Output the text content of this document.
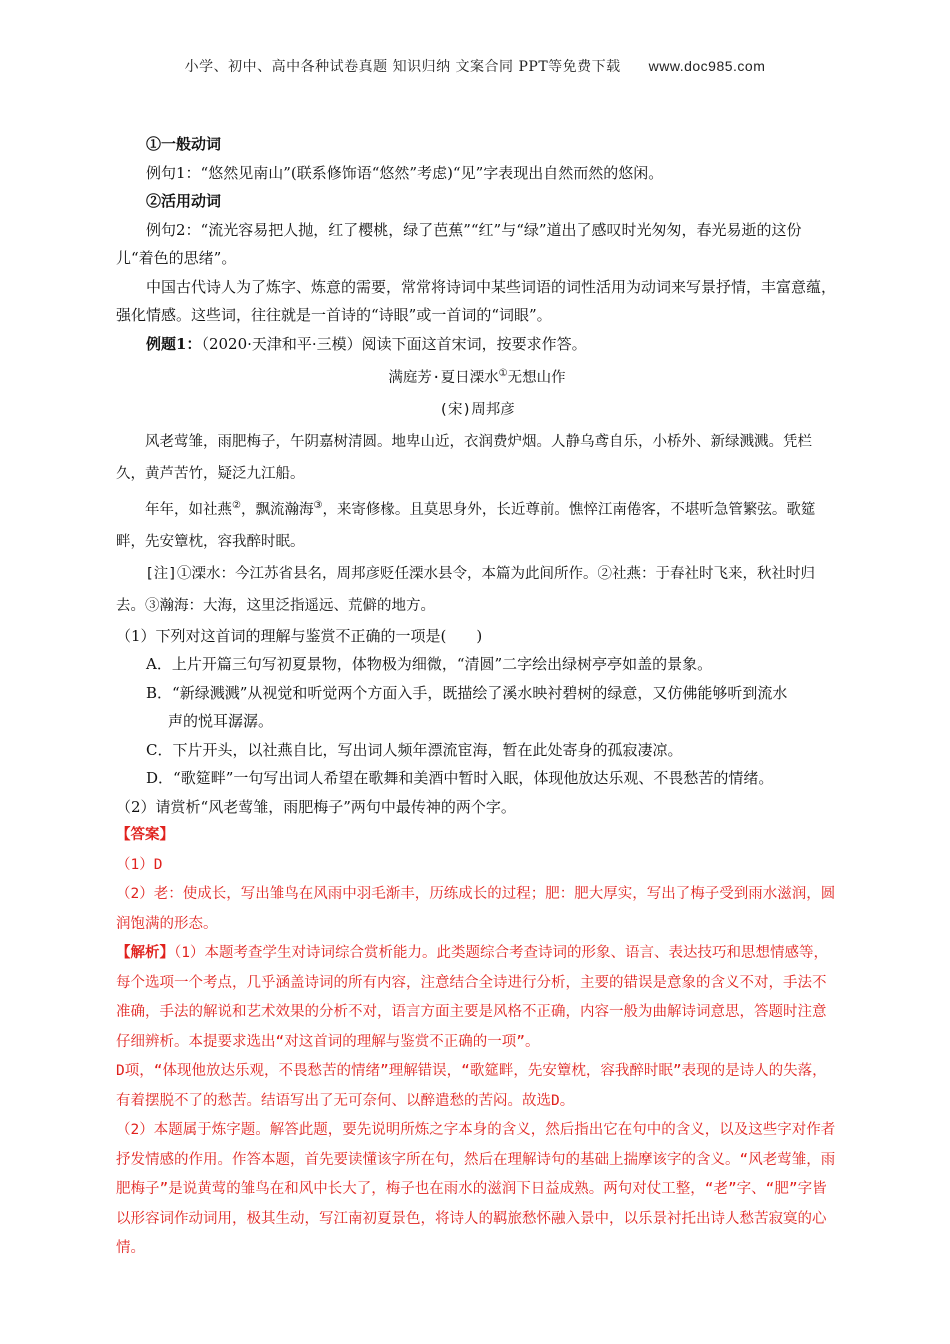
小学、初中、高中各种试卷真题 知识归纳 文案合同 PPT等免费下载 www.doc985.com

①一般动词

例句1：“悠然见南山”(联系修饰语“悠然”考虑)“见”字表现出自然而然的悠闲。

②活用动词

例句2：“流光容易把人抛，红了樱桃，绿了芭蕉”“红”与“绿”道出了感叹时光匆匆，春光易逝的这份儿“着色的思绪”。

中国古代诗人为了炼字、炼意的需要，常常将诗词中某些词语的词性活用为动词来写景抒情，丰富意蕴，强化情感。这些词，往往就是一首诗的“诗眼”或一首词的“词眼”。

例题1：（2020·天津和平·三模）阅读下面这首宋词，按要求作答。

满庭芳·夏日溧水①无想山作

(宋)周邦彦

风老莺雏，雨肥梅子，午阴嘉树清圆。地卑山近，衣润费炉烟。人静乌鸢自乐，小桥外、新绿溅溅。凭栏久，黄芦苦竹，疑泛九江船。

年年，如社燕②，飘流瀚海③，来寄修椽。且莫思身外，长近尊前。憔悴江南倦客，不堪听急管繁弦。歌筵畔，先安簟枕，容我醉时眠。

[注]①溧水：今江苏省县名，周邦彦贬任溧水县令，本篇为此间所作。②社燕：于春社时飞来，秋社时归去。③瀚海：大海，这里泛指遥远、荒僻的地方。

（1）下列对这首词的理解与鉴赏不正确的一项是(　　)

A．上片开篇三句写初夏景物，体物极为细微，“清圆”二字绘出绿树亭亭如盖的景象。

B．“新绿溅溅”从视觉和听觉两个方面入手，既描绘了溪水映衬碧树的绿意，又仿佛能够听到流水

声的悦耳潺潺。

C．下片开头，以社燕自比，写出词人频年漂流宦海，暂在此处寄身的孤寂凄凉。

D．“歌筵畔”一句写出词人希望在歌舞和美酒中暂时入眠，体现他放达乐观、不畏愁苦的情绪。

（2）请赏析“风老莺雏，雨肥梅子”两句中最传神的两个字。

【答案】

（1）D

（2）老：使成长，写出雏鸟在风雨中羽毛渐丰，历练成长的过程；肥：肥大厚实，写出了梅子受到雨水滋润，圆润饱满的形态。

【解析】（1）本题考查学生对诗词综合赏析能力。此类题综合考查诗词的形象、语言、表达技巧和思想情感等，每个选项一个考点，几乎涵盖诗词的所有内容，注意结合全诗进行分析，主要的错误是意象的含义不对，手法不准确，手法的解说和艺术效果的分析不对，语言方面主要是风格不正确，内容一般为曲解诗词意思，答题时注意仔细辨析。本提要求选出“对这首词的理解与鉴赏不正确的一项”。

D项，“体现他放达乐观，不畏愁苦的情绪”理解错误，“歌筵畔，先安簟枕，容我醉时眠”表现的是诗人的失落，有着摆脱不了的愁苦。结语写出了无可奈何、以醉遣愁的苦闷。故选D。

（2）本题属于炼字题。解答此题，要先说明所炼之字本身的含义，然后指出它在句中的含义，以及这些字对作者抒发情感的作用。作答本题，首先要读懂该字所在句，然后在理解诗句的基础上揣摩该字的含义。“风老莺雏，雨肥梅子”是说黄莺的雏鸟在和风中长大了，梅子也在雨水的滋润下日益成熟。两句对仗工整，“老”字、“肥”字皆以形容词作动词用，极其生动，写江南初夏景色，将诗人的羁旅愁怀融入景中，以乐景衬托出诗人愁苦寂寞的心情。
